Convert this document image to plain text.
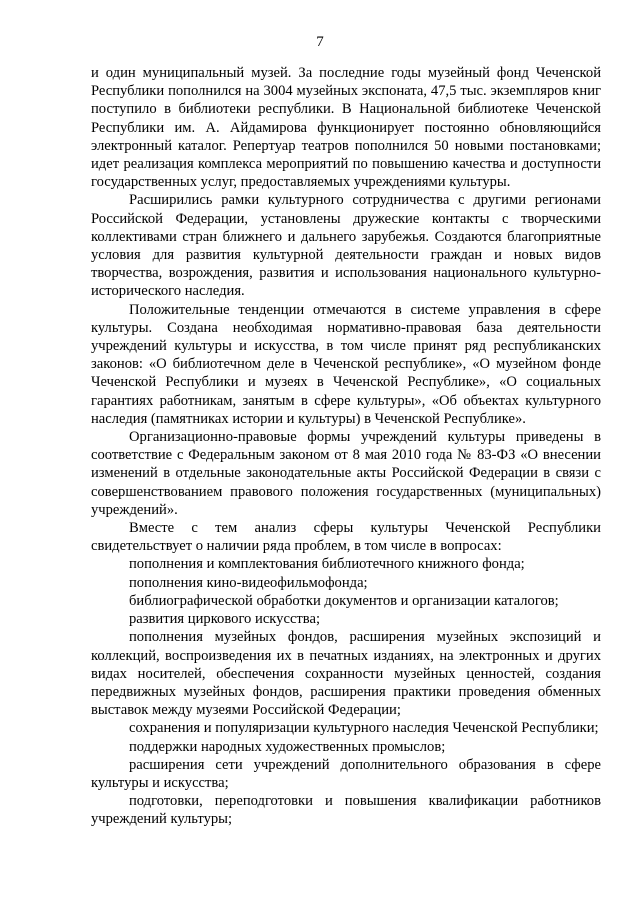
7

и один муниципальный музей. За последние годы музейный фонд Чеченской Республики пополнился на 3004 музейных экспоната, 47,5 тыс. экземпляров книг поступило в библиотеки республики. В Национальной библиотеке Чеченской Республики им. А. Айдамирова функционирует постоянно обновляющийся электронный каталог. Репертуар театров пополнился 50 новыми постановками; идет реализация комплекса мероприятий по повышению качества и доступности государственных услуг, предоставляемых учреждениями культуры.

Расширились рамки культурного сотрудничества с другими регионами Российской Федерации, установлены дружеские контакты с творческими коллективами стран ближнего и дальнего зарубежья. Создаются благоприятные условия для развития культурной деятельности граждан и новых видов творчества, возрождения, развития и использования национального культурно-исторического наследия.

Положительные тенденции отмечаются в системе управления в сфере культуры. Создана необходимая нормативно-правовая база деятельности учреждений культуры и искусства, в том числе принят ряд республиканских законов: «О библиотечном деле в Чеченской республике», «О музейном фонде Чеченской Республики и музеях в Чеченской Республике», «О социальных гарантиях работникам, занятым в сфере культуры», «Об объектах культурного наследия (памятниках истории и культуры) в Чеченской Республике».

Организационно-правовые формы учреждений культуры приведены в соответствие с Федеральным законом от 8 мая 2010 года № 83-ФЗ «О внесении изменений в отдельные законодательные акты Российской Федерации в связи с совершенствованием правового положения государственных (муниципальных) учреждений».

Вместе с тем анализ сферы культуры Чеченской Республики свидетельствует о наличии ряда проблем, в том числе в вопросах:

пополнения и комплектования библиотечного книжного фонда;

пополнения кино-видеофильмофонда;

библиографической обработки документов и организации каталогов;

развития циркового искусства;

пополнения музейных фондов, расширения музейных экспозиций и коллекций, воспроизведения их в печатных изданиях, на электронных и других видах носителей, обеспечения сохранности музейных ценностей, создания передвижных музейных фондов, расширения практики проведения обменных выставок между музеями Российской Федерации;

сохранения и популяризации культурного наследия Чеченской Республики;

поддержки народных художественных промыслов;

расширения сети учреждений дополнительного образования в сфере культуры и искусства;

подготовки, переподготовки и повышения квалификации работников учреждений культуры;
